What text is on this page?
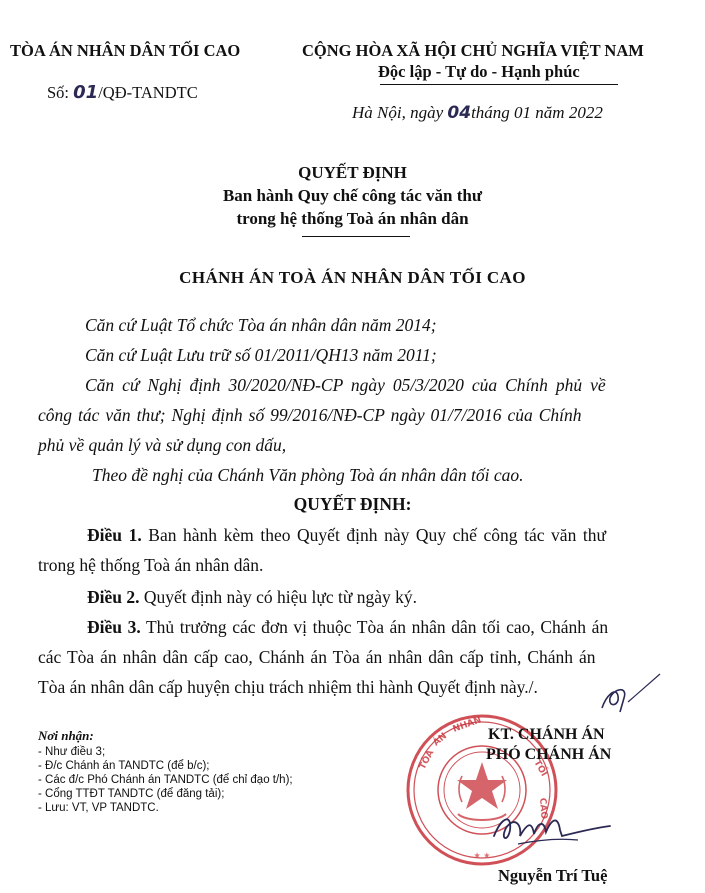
TÒA ÁN NHÂN DÂN TỐI CAO
Số: 01/QĐ-TANDTC
CỘNG HÒA XÃ HỘI CHỦ NGHĨA VIỆT NAM
Độc lập - Tự do - Hạnh phúc
Hà Nội, ngày 04tháng 01 năm 2022
QUYẾT ĐỊNH
Ban hành Quy chế công tác văn thư
trong hệ thống Toà án nhân dân
CHÁNH ÁN TOÀ ÁN NHÂN DÂN TỐI CAO
Căn cứ Luật Tổ chức Tòa án nhân dân năm 2014;
Căn cứ Luật Lưu trữ số 01/2011/QH13 năm 2011;
Căn cứ Nghị định 30/2020/NĐ-CP ngày 05/3/2020 của Chính phủ về
công tác văn thư; Nghị định số 99/2016/NĐ-CP ngày 01/7/2016 của Chính
phủ về quản lý và sử dụng con dấu,
Theo đề nghị của Chánh Văn phòng Toà án nhân dân tối cao.
QUYẾT ĐỊNH:
Điều 1. Ban hành kèm theo Quyết định này Quy chế công tác văn thư
trong hệ thống Toà án nhân dân.
Điều 2. Quyết định này có hiệu lực từ ngày ký.
Điều 3. Thủ trưởng các đơn vị thuộc Tòa án nhân dân tối cao, Chánh án
các Tòa án nhân dân cấp cao, Chánh án Tòa án nhân dân cấp tỉnh, Chánh án
Tòa án nhân dân cấp huyện chịu trách nhiệm thi hành Quyết định này./.
Nơi nhận:
- Như điều 3;
- Đ/c Chánh án TANDTC (để b/c);
- Các đ/c Phó Chánh án TANDTC (để chỉ đạo t/h);
- Cổng TTĐT TANDTC (để đăng tải);
- Lưu: VT, VP TANDTC.
TÒA
ÁN
NHÂN
TỐI
CAO
★ ★
KT. CHÁNH ÁN
PHÓ CHÁNH ÁN
Nguyễn Trí Tuệ
